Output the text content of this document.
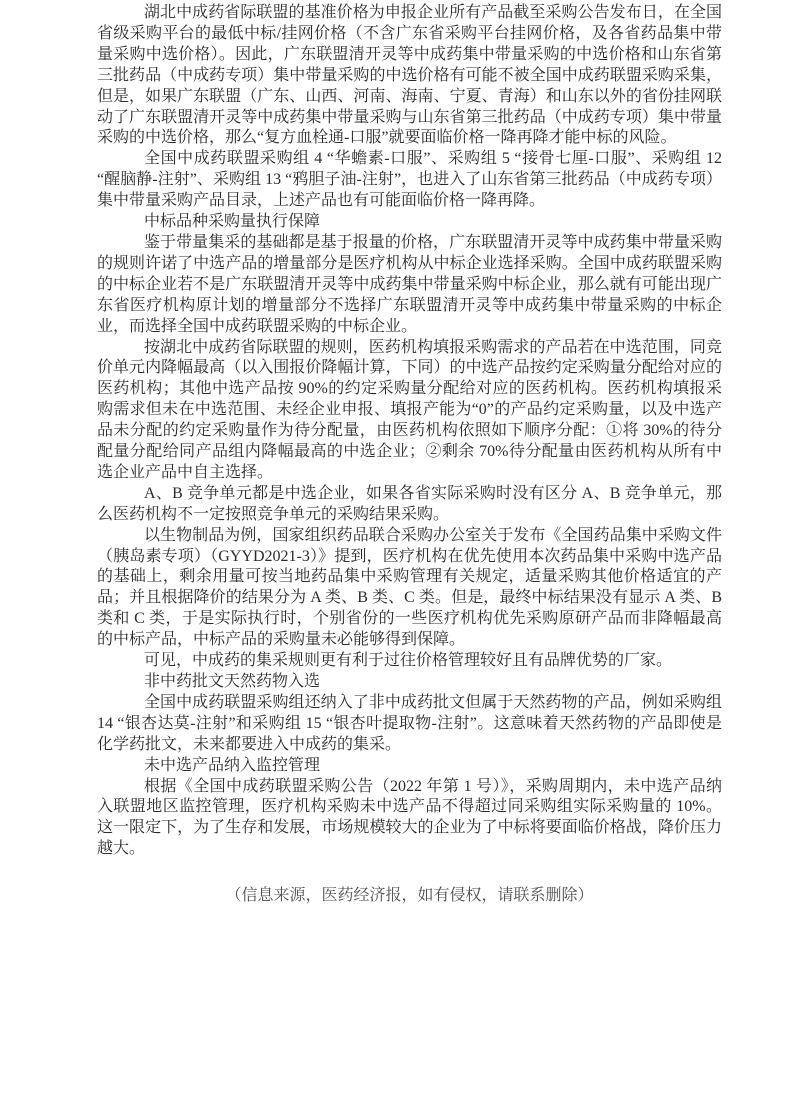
湖北中成药省际联盟的基准价格为申报企业所有产品截至采购公告发布日，在全国省级采购平台的最低中标/挂网价格（不含广东省采购平台挂网价格，及各省药品集中带量采购中选价格）。因此，广东联盟清开灵等中成药集中带量采购的中选价格和山东省第三批药品（中成药专项）集中带量采购的中选价格有可能不被全国中成药联盟采购采集，但是，如果广东联盟（广东、山西、河南、海南、宁夏、青海）和山东以外的省份挂网联动了广东联盟清开灵等中成药集中带量采购与山东省第三批药品（中成药专项）集中带量采购的中选价格，那么“复方血栓通-口服”就要面临价格一降再降才能中标的风险。

全国中成药联盟采购组 4 “华蟾素-口服”、采购组 5 “接骨七厘-口服”、采购组 12 “醒脑静-注射”、采购组 13 “鸦胆子油-注射”，也进入了山东省第三批药品（中成药专项）集中带量采购产品目录，上述产品也有可能面临价格一降再降。

中标品种采购量执行保障

鉴于带量集采的基础都是基于报量的价格，广东联盟清开灵等中成药集中带量采购的规则许诺了中选产品的增量部分是医疗机构从中标企业选择采购。全国中成药联盟采购的中标企业若不是广东联盟清开灵等中成药集中带量采购中标企业，那么就有可能出现广东省医疗机构原计划的增量部分不选择广东联盟清开灵等中成药集中带量采购的中标企业，而选择全国中成药联盟采购的中标企业。

按湖北中成药省际联盟的规则，医药机构填报采购需求的产品若在中选范围，同竞价单元内降幅最高（以入围报价降幅计算，下同）的中选产品按约定采购量分配给对应的医药机构；其他中选产品按 90%的约定采购量分配给对应的医药机构。医药机构填报采购需求但未在中选范围、未经企业申报、填报产能为“0”的产品约定采购量，以及中选产品未分配的约定采购量作为待分配量，由医药机构依照如下顺序分配：①将 30%的待分配量分配给同产品组内降幅最高的中选企业；②剩余 70%待分配量由医药机构从所有中选企业产品中自主选择。

A、B 竞争单元都是中选企业，如果各省实际采购时没有区分 A、B 竞争单元，那么医药机构不一定按照竞争单元的采购结果采购。

以生物制品为例，国家组织药品联合采购办公室关于发布《全国药品集中采购文件（胰岛素专项）（GYYD2021-3）》提到，医疗机构在优先使用本次药品集中采购中选产品的基础上，剩余用量可按当地药品集中采购管理有关规定，适量采购其他价格适宜的产品；并且根据降价的结果分为 A 类、B 类、C 类。但是，最终中标结果没有显示 A 类、B 类和 C 类，于是实际执行时，个别省份的一些医疗机构优先采购原研产品而非降幅最高的中标产品，中标产品的采购量未必能够得到保障。

可见，中成药的集采规则更有利于过往价格管理较好且有品牌优势的厂家。

非中药批文天然药物入选

全国中成药联盟采购组还纳入了非中成药批文但属于天然药物的产品，例如采购组 14 “银杏达莫-注射”和采购组 15 “银杏叶提取物-注射”。这意味着天然药物的产品即使是化学药批文，未来都要进入中成药的集采。

未中选产品纳入监控管理

根据《全国中成药联盟采购公告（2022 年第 1 号）》，采购周期内，未中选产品纳入联盟地区监控管理，医疗机构采购未中选产品不得超过同采购组实际采购量的 10%。这一限定下，为了生存和发展，市场规模较大的企业为了中标将要面临价格战，降价压力越大。

（信息来源，医药经济报，如有侵权，请联系删除）
